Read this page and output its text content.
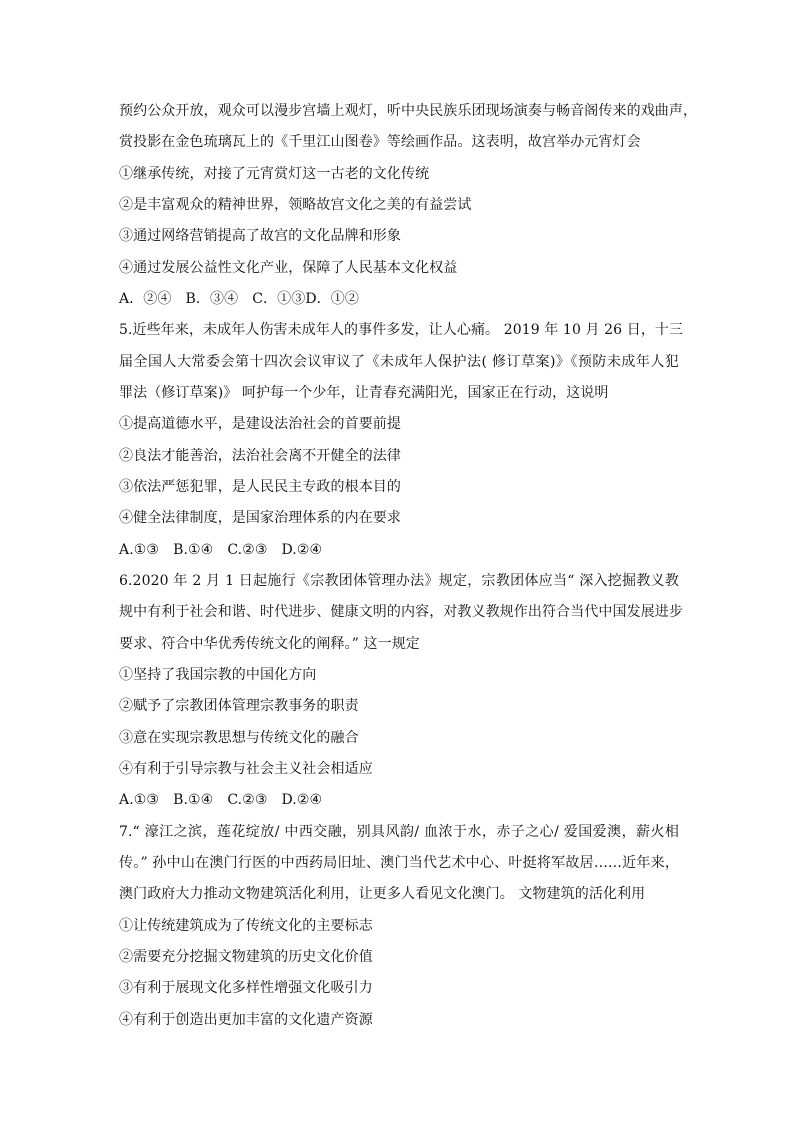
预约公众开放，观众可以漫步宫墙上观灯，听中央民族乐团现场演奏与畅音阁传来的戏曲声，
赏投影在金色琉璃瓦上的《千里江山图卷》等绘画作品。这表明，故宫举办元宵灯会
①继承传统，对接了元宵赏灯这一古老的文化传统
②是丰富观众的精神世界，领略故宫文化之美的有益尝试
③通过网络营销提高了故宫的文化品牌和形象
④通过发展公益性文化产业，保障了人民基本文化权益
A．②④ B．③④ C．①③D．①②
5.近些年来，未成年人伤害未成年人的事件多发，让人心痛。 2019 年 10 月 26 日，十三
届全国人大常委会第十四次会议审议了《未成年人保护法( 修订草案)》《预防未成年人犯
罪法（修订草案)》 呵护每一个少年，让青春充满阳光，国家正在行动，这说明
①提高道德水平，是建设法治社会的首要前提
②良法才能善治，法治社会离不开健全的法律
③依法严惩犯罪，是人民民主专政的根本目的
④健全法律制度，是国家治理体系的内在要求
A.①③ B.①④ C.②③ D.②④
6.2020 年 2 月 1 日起施行《宗教团体管理办法》规定，宗教团体应当“ 深入挖掘教义教
规中有利于社会和谐、时代进步、健康文明的内容，对教义教规作出符合当代中国发展进步
要求、符合中华优秀传统文化的阐释。” 这一规定
①坚持了我国宗教的中国化方向
②赋予了宗教团体管理宗教事务的职责
③意在实现宗教思想与传统文化的融合
④有利于引导宗教与社会主义社会相适应
A.①③ B.①④ C.②③ D.②④
7.“ 濠江之滨，莲花绽放/ 中西交融，别具风韵/ 血浓于水，赤子之心/ 爱国爱澳，薪火相
传。” 孙中山在澳门行医的中西药局旧址、澳门当代艺术中心、叶挺将军故居……近年来，
澳门政府大力推动文物建筑活化利用，让更多人看见文化澳门。 文物建筑的活化利用
①让传统建筑成为了传统文化的主要标志
②需要充分挖掘文物建筑的历史文化价值
③有利于展现文化多样性增强文化吸引力
④有利于创造出更加丰富的文化遗产资源
